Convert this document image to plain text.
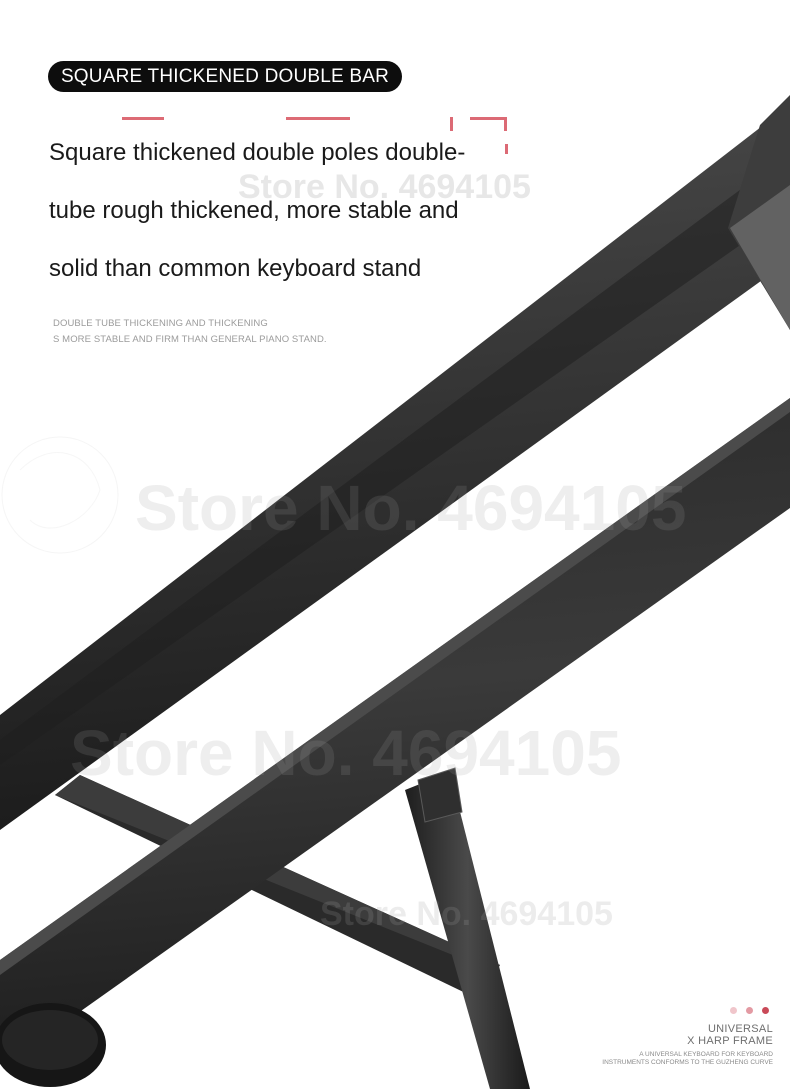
Store No. 4694105
Store No. 4694105
Store No. 4694105
Store No. 4694105
SQUARE THICKENED DOUBLE BAR
Square thickened double poles double-
tube rough thickened, more stable and
solid than common keyboard stand
DOUBLE TUBE THICKENING AND THICKENING
S MORE STABLE AND FIRM THAN GENERAL PIANO STAND.
UNIVERSAL
X HARP FRAME
A UNIVERSAL KEYBOARD FOR KEYBOARD
INSTRUMENTS CONFORMS TO THE GUZHENG CURVE
